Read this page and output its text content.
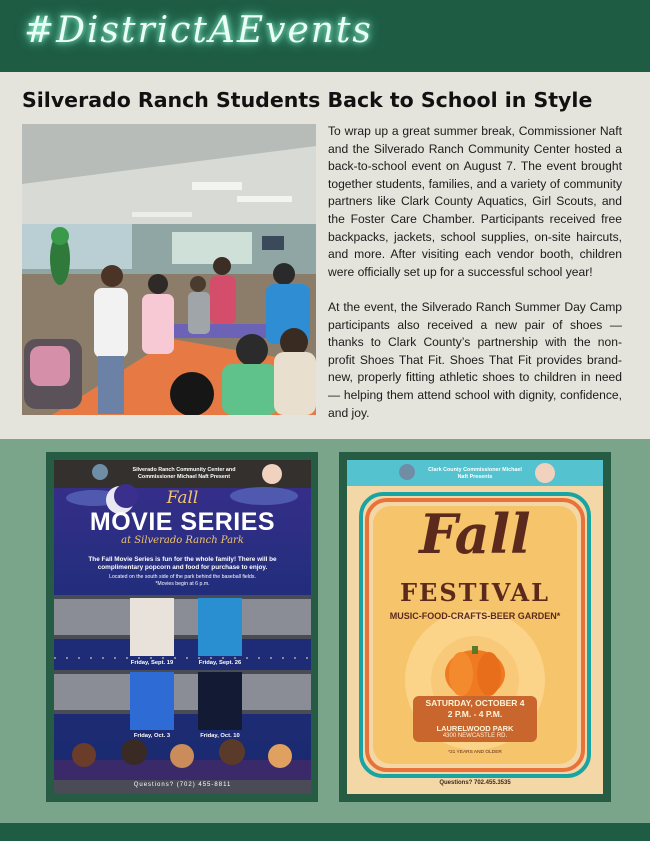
#DistrictAEvents
Silverado Ranch Students Back to School in Style

To wrap up a great summer break, Commissioner Naft and the Silverado Ranch Community Center hosted a back-to-school event on August 7. The event brought together students, families, and a variety of community partners like Clark County Aquatics, Girl Scouts, and the Foster Care Chamber. Participants received free backpacks, jackets, school supplies, on-site haircuts, and more. After visiting each vendor booth, children were officially set up for a successful school year!

At the event, the Silverado Ranch Summer Day Camp participants also received a new pair of shoes — thanks to Clark County’s partnership with the non-profit Shoes That Fit. Shoes That Fit provides brand-new, properly fitting athletic shoes to children in need — helping them attend school with dignity, confidence, and joy.

Silverado Ranch Community Center and Commissioner Michael Naft Present
Fall
MOVIE SERIES
at Silverado Ranch Park
The Fall Movie Series is fun for the whole family! There will be complimentary popcorn and food for purchase to enjoy.
Located on the south side of the park behind the baseball fields.
*Movies begin at 6 p.m.
Friday, Sept. 19	Friday, Sept. 26
Friday, Oct. 3	Friday, Oct. 10
Questions? (702) 455-8811
Clark County Commissioner Michael Naft Presents
Fall
FESTIVAL
MUSIC-FOOD-CRAFTS-BEER GARDEN*
SATURDAY, OCTOBER 4
2 P.M. - 4 P.M.
LAURELWOOD PARK
4300 NEWCASTLE RD.
*21 YEARS AND OLDER
Questions? 702.455.3535
